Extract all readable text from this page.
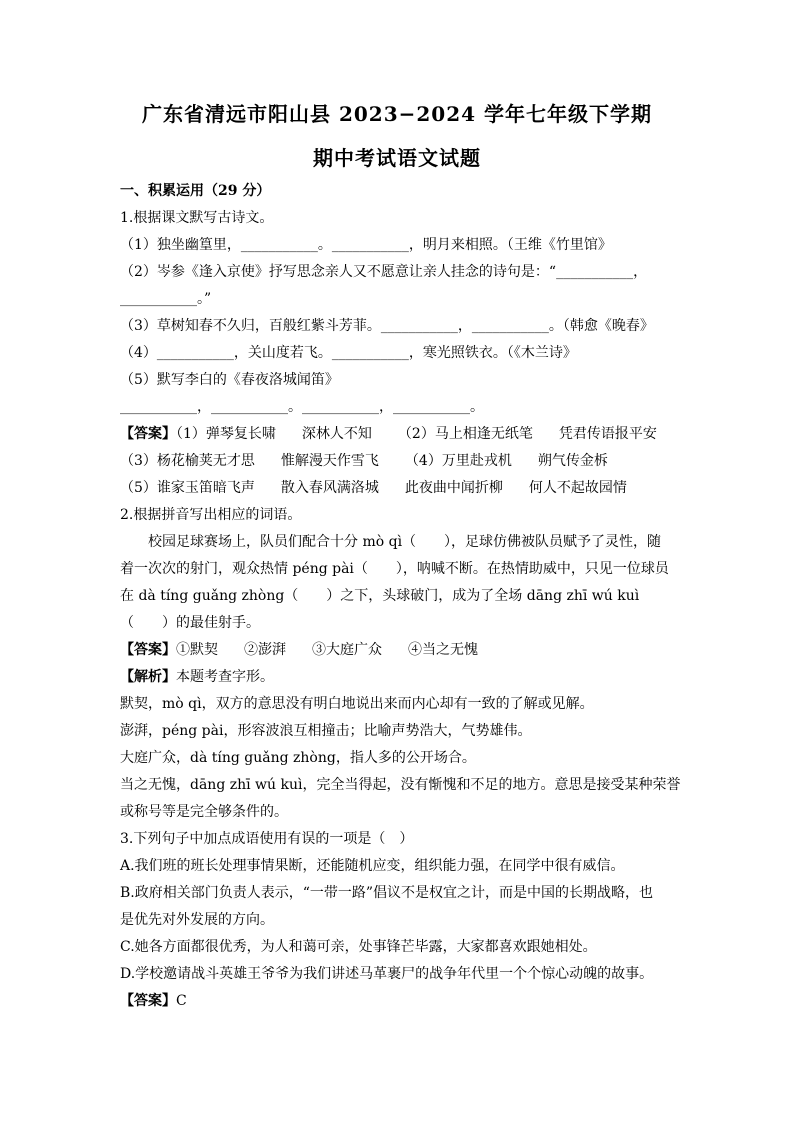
广东省清远市阳山县 2023−2024 学年七年级下学期
期中考试语文试题
一、积累运用（29 分）
1.根据课文默写古诗文。
（1）独坐幽篁里，___________。___________，明月来相照。（王维《竹里馆》
（2）岑参《逢入京使》抒写思念亲人又不愿意让亲人挂念的诗句是：“___________，
___________。”
（3）草树知春不久归，百般红紫斗芳菲。___________，___________。（韩愈《晚春》
（4）___________，关山度若飞。___________，寒光照铁衣。（《木兰诗》
（5）默写李白的《春夜洛城闻笛》
___________，___________。___________，___________。
【答案】（1）弹琴复长啸 深林人不知 （2）马上相逢无纸笔 凭君传语报平安
（3）杨花榆荚无才思 惟解漫天作雪飞 （4）万里赴戎机 朔气传金柝
（5）谁家玉笛暗飞声 散入春风满洛城 此夜曲中闻折柳 何人不起故园情
2.根据拼音写出相应的词语。
校园足球赛场上，队员们配合十分 mò qì（　　），足球仿佛被队员赋予了灵性，随
着一次次的射门，观众热情 péng pài（　　），呐喊不断。在热情助威中，只见一位球员
在 dà tíng guǎng zhòng（　　）之下，头球破门，成为了全场 dāng zhī wú kuì
（　　）的最佳射手。
【答案】①默契 ②澎湃 ③大庭广众 ④当之无愧
【解析】本题考查字形。
默契，mò qì，双方的意思没有明白地说出来而内心却有一致的了解或见解。
澎湃，péng pài，形容波浪互相撞击；比喻声势浩大，气势雄伟。
大庭广众，dà tíng guǎng zhòng，指人多的公开场合。
当之无愧，dāng zhī wú kuì，完全当得起，没有惭愧和不足的地方。意思是接受某种荣誉
或称号等是完全够条件的。
3.下列句子中加点成语使用有误的一项是（　）
A.我们班的班长处理事情果断，还能随机应变，组织能力强，在同学中很有威信。
B.政府相关部门负责人表示，“一带一路”倡议不是权宜之计，而是中国的长期战略，也
是优先对外发展的方向。
C.她各方面都很优秀，为人和蔼可亲，处事锋芒毕露，大家都喜欢跟她相处。
D.学校邀请战斗英雄王爷爷为我们讲述马革裹尸的战争年代里一个个惊心动魄的故事。
【答案】C
